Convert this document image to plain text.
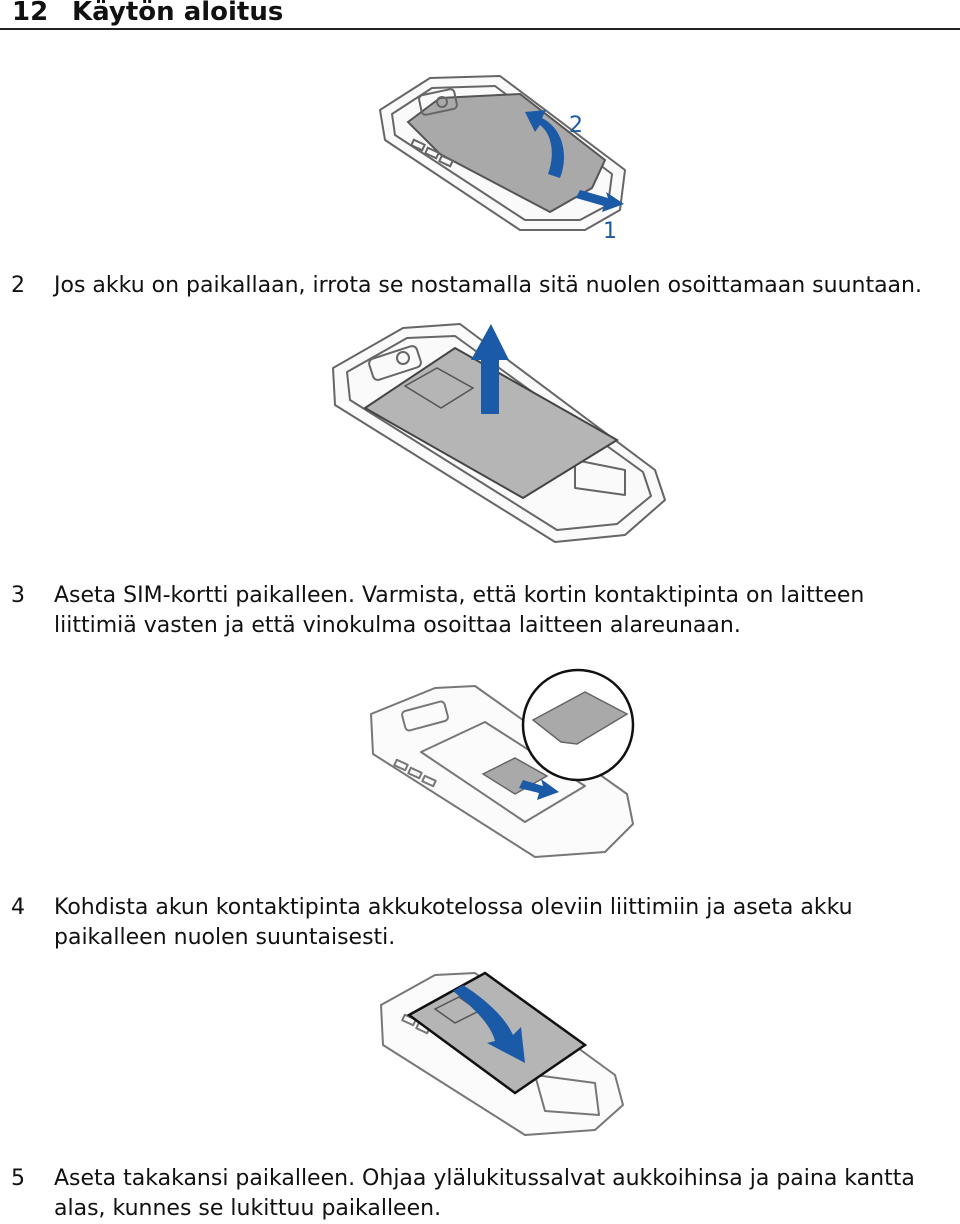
12 Käytön aloitus
2
1
2 Jos akku on paikallaan, irrota se nostamalla sitä nuolen osoittamaan suuntaan.
3 Aseta SIM-kortti paikalleen. Varmista, että kortin kontaktipinta on laitteen liittimiä vasten ja että vinokulma osoittaa laitteen alareunaan.
4 Kohdista akun kontaktipinta akkukotelossa oleviin liittimiin ja aseta akku paikalleen nuolen suuntaisesti.
5 Aseta takakansi paikalleen. Ohjaa ylälukitussalvat aukkoihinsa ja paina kantta alas, kunnes se lukittuu paikalleen.
